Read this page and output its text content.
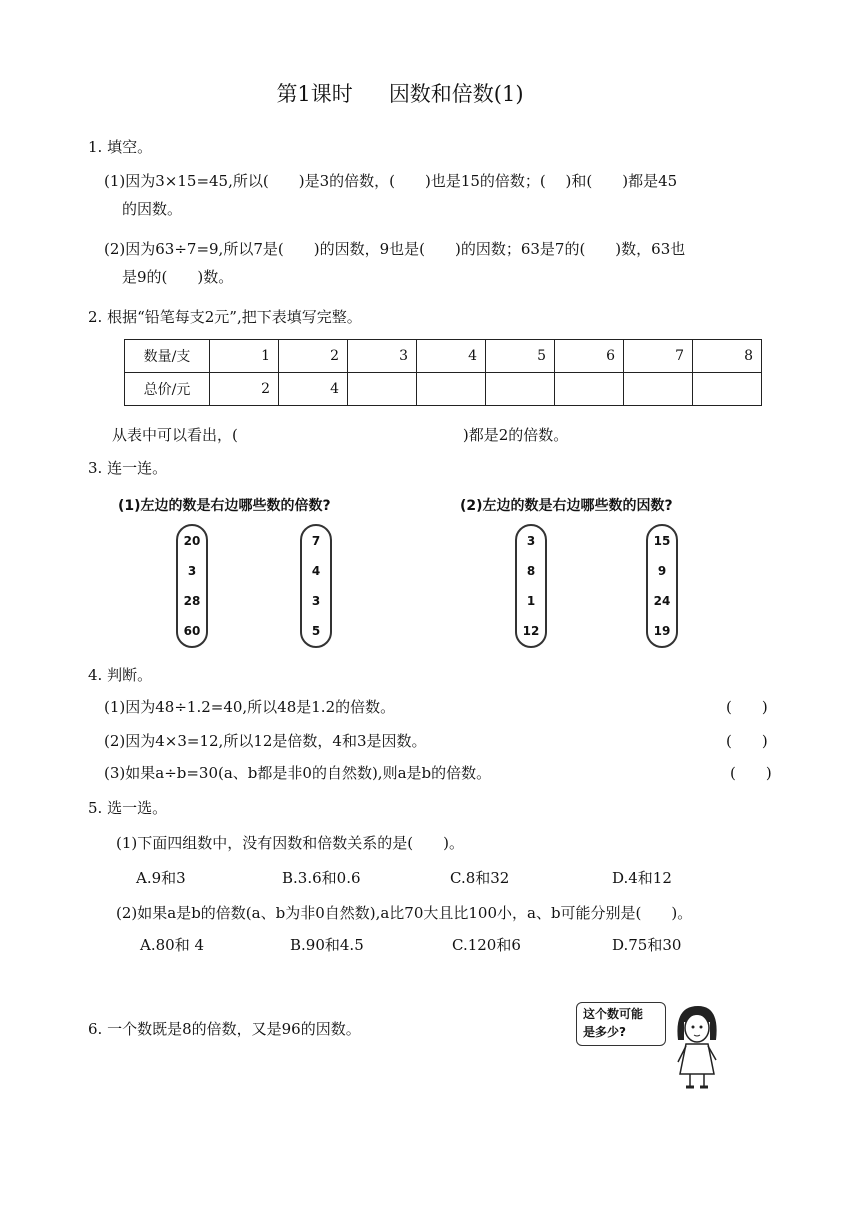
第1课时 因数和倍数(1)
1. 填空。
(1)因为3×15=45,所以(　　)是3的倍数，(　　)也是15的倍数；(　 )和(　　)都是45
的因数。
(2)因为63÷7=9,所以7是(　　)的因数，9也是(　　)的因数；63是7的(　　)数，63也
是9的(　　)数。
2. 根据“铅笔每支2元”,把下表填写完整。
数量/支	1	2	3	4	5	6	7	8
总价/元	2	4						
从表中可以看出，(　　　　　　　　　　　　　　　)都是2的倍数。
3. 连一连。
(1)左边的数是右边哪些数的倍数?	(2)左边的数是右边哪些数的因数?
20
3
28
60
7
4
3
5
3
8
1
12
15
9
24
19
4. 判断。
(1)因为48÷1.2=40,所以48是1.2的倍数。	(　　)
(2)因为4×3=12,所以12是倍数，4和3是因数。	(　　)
(3)如果a÷b=30(a、b都是非0的自然数),则a是b的倍数。	(　　)
5. 选一选。
(1)下面四组数中，没有因数和倍数关系的是(　　)。
A.9和3	B.3.6和0.6	C.8和32	D.4和12
(2)如果a是b的倍数(a、b为非0自然数),a比70大且比100小，a、b可能分别是(　　)。
A.80和 4	B.90和4.5	C.120和6	D.75和30
6. 一个数既是8的倍数，又是96的因数。
这个数可能
是多少?
